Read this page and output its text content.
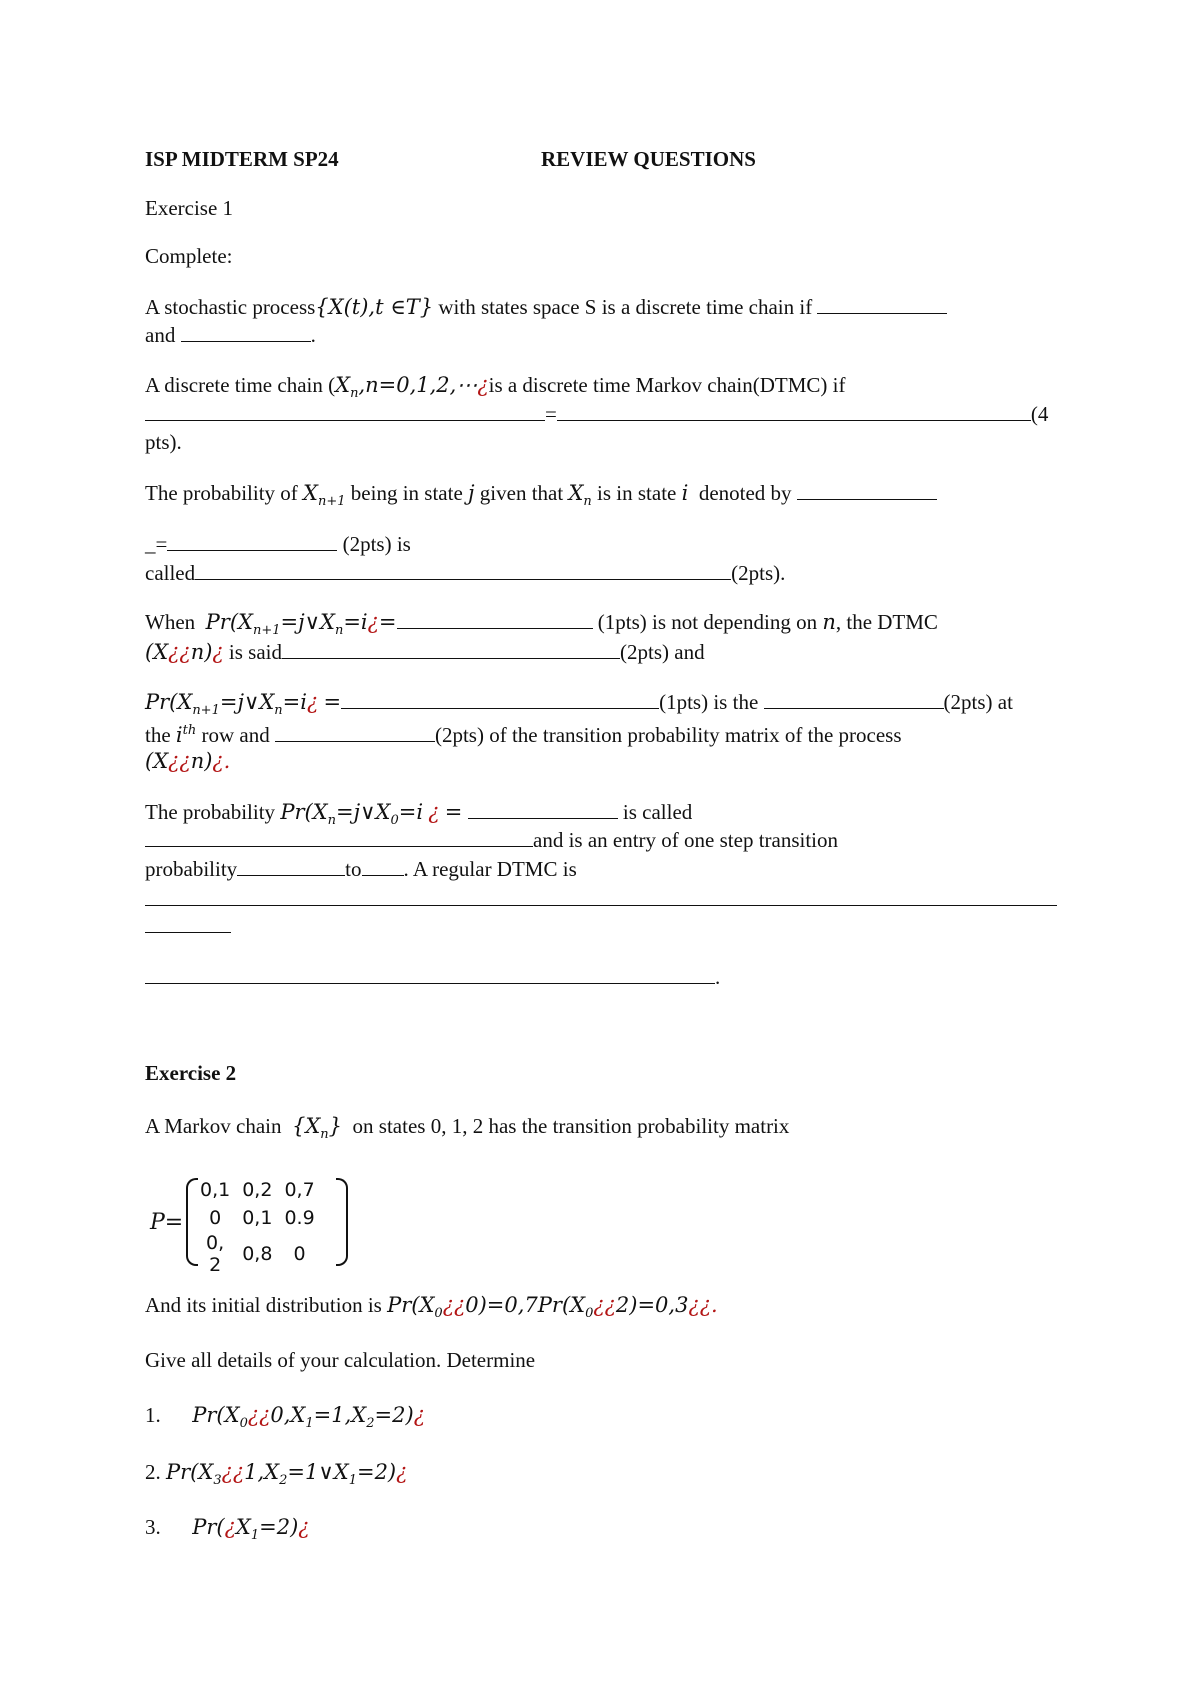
ISP MIDTERM SP24	REVIEW QUESTIONS
Exercise 1
Complete:
A stochastic process{X(t),t ∈T} with states space S is a discrete time chain if
and	.
A discrete time chain ($X_n,n=0,1,2,\cdots¿is$ a discrete time Markov chain(DTMC) if
=	(4
pts).
The probability of $X_{n+1}$ being in state j given that $X_n$ is in state i denoted by
_=	(2pts) is
called	(2pts).
When $Pr(X_{n+1}=j\vee X_n=i¿=$	(1pts) is not depending on n, the DTMC
(X¿¿n)¿ is said	(2pts) and
$Pr(X_{n+1}=j\vee X_n=i¿$ =	(1pts) is the	(2pts) at
the $i^{th}$ row and	(2pts) of the transition probability matrix of the process
(X¿¿n)¿.
The probability $Pr(X_n=j\vee X_0=i$ ¿ =	is called
and is an entry of one step transition
probability	to . A regular DTMC is
.
Exercise 2
A Markov chain $\{X_n\}$ on states 0, 1, 2 has the transition probability matrix
P=
0,1	0,2	0,7
0	0,1	0.9
0, 2	0,8	0
And its initial distribution is $Pr(X_0¿¿0)=0,7Pr(X_0¿¿2)=0,3¿¿$.
Give all details of your calculation. Determine
1. $Pr(X_0¿¿0,X_1=1,X_2=2)¿$
2. $Pr(X_3¿¿1,X_2=1\vee X_1=2)¿$
3. $Pr(¿X_1=2)¿$
